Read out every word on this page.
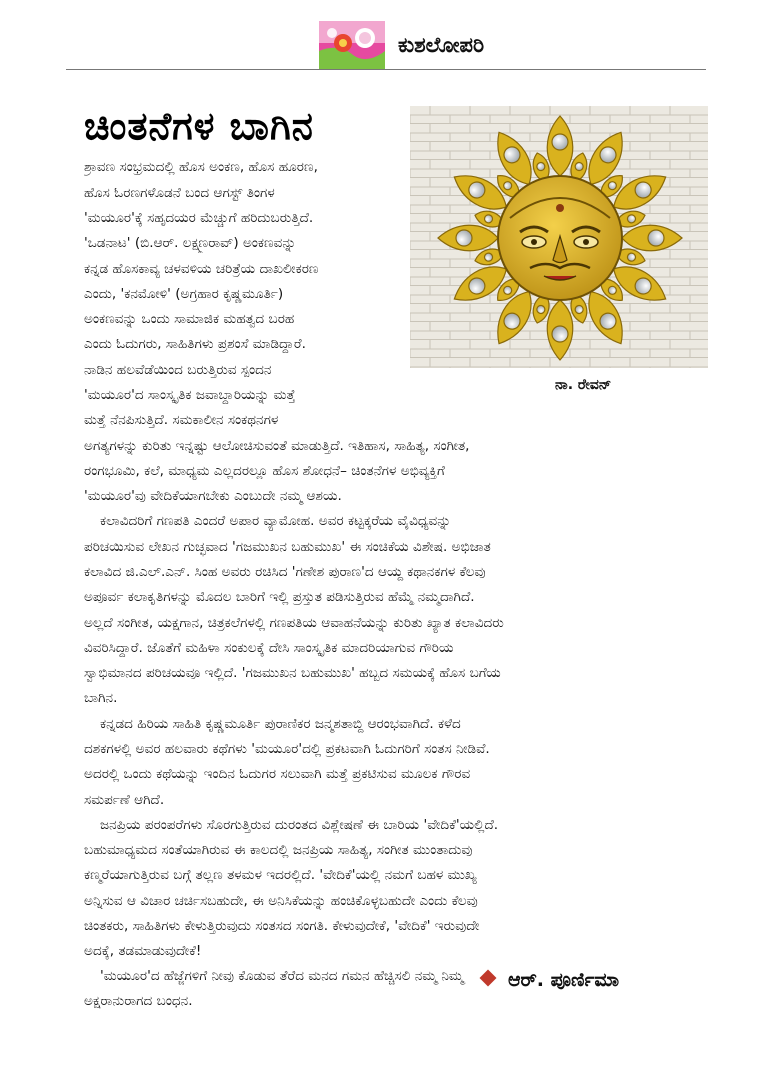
ಕುಶಲೋಪರಿ
ಚಿಂತನೆಗಳ ಬಾಗಿನ
ನಾ. ರೇವನ್
ಶ್ರಾವಣ ಸಂಭ್ರಮದಲ್ಲಿ ಹೊಸ ಅಂಕಣ, ಹೊಸ ಹೂರಣ,
ಹೊಸ ಓರಣಗಳೊಡನೆ ಬಂದ ಆಗಸ್ಟ್ ತಿಂಗಳ
'ಮಯೂರ'ಕ್ಕೆ ಸಹೃದಯರ ಮೆಚ್ಚುಗೆ ಹರಿದುಬರುತ್ತಿದೆ.
'ಒಡನಾಟ' (ಬಿ.ಆರ್. ಲಕ್ಷ್ಮಣರಾವ್) ಅಂಕಣವನ್ನು
ಕನ್ನಡ ಹೊಸಕಾವ್ಯ ಚಳವಳಿಯ ಚರಿತ್ರೆಯ ದಾಖಲೀಕರಣ
ಎಂದು, 'ಕನಮೋಳಿ' (ಅಗ್ರಹಾರ ಕೃಷ್ಣಮೂರ್ತಿ)
ಅಂಕಣವನ್ನು ಒಂದು ಸಾಮಾಜಿಕ ಮಹತ್ವದ ಬರಹ
ಎಂದು ಓದುಗರು, ಸಾಹಿತಿಗಳು ಪ್ರಶಂಸೆ ಮಾಡಿದ್ದಾರೆ.
ನಾಡಿನ ಹಲವೆಡೆಯಿಂದ ಬರುತ್ತಿರುವ ಸ್ಪಂದನ
'ಮಯೂರ'ದ ಸಾಂಸ್ಕೃತಿಕ ಜವಾಬ್ದಾರಿಯನ್ನು ಮತ್ತೆ
ಮತ್ತೆ ನೆನಪಿಸುತ್ತಿದೆ. ಸಮಕಾಲೀನ ಸಂಕಥನಗಳ
ಅಗತ್ಯಗಳನ್ನು ಕುರಿತು ಇನ್ನಷ್ಟು ಆಲೋಚಿಸುವಂತೆ ಮಾಡುತ್ತಿದೆ. ಇತಿಹಾಸ, ಸಾಹಿತ್ಯ, ಸಂಗೀತ,
ರಂಗಭೂಮಿ, ಕಲೆ, ಮಾಧ್ಯಮ ಎಲ್ಲದರಲ್ಲೂ ಹೊಸ ಶೋಧನೆ– ಚಿಂತನೆಗಳ ಅಭಿವ್ಯಕ್ತಿಗೆ
'ಮಯೂರ'ವು ವೇದಿಕೆಯಾಗಬೇಕು ಎಂಬುದೇ ನಮ್ಮ ಆಶಯ.
ಕಲಾವಿದರಿಗೆ ಗಣಪತಿ ಎಂದರೆ ಅಪಾರ ವ್ಯಾಮೋಹ. ಅವರ ಕಟ್ಟಕ್ಕರೆಯ ವೈವಿಧ್ಯವನ್ನು
ಪರಿಚಯಿಸುವ ಲೇಖನ ಗುಚ್ಛವಾದ 'ಗಜಮುಖನ ಬಹುಮುಖ' ಈ ಸಂಚಿಕೆಯ ವಿಶೇಷ. ಅಭಿಜಾತ
ಕಲಾವಿದ ಜಿ.ಎಲ್.ಎನ್. ಸಿಂಹ ಅವರು ರಚಿಸಿದ 'ಗಣೇಶ ಪುರಾಣ'ದ ಆಯ್ದ ಕಥಾನಕಗಳ ಕೆಲವು
ಅಪೂರ್ವ ಕಲಾಕೃತಿಗಳನ್ನು ಮೊದಲ ಬಾರಿಗೆ ಇಲ್ಲಿ ಪ್ರಸ್ತುತ ಪಡಿಸುತ್ತಿರುವ ಹೆಮ್ಮೆ ನಮ್ಮದಾಗಿದೆ.
ಅಲ್ಲದೆ ಸಂಗೀತ, ಯಕ್ಷಗಾನ, ಚಿತ್ರಕಲೆಗಳಲ್ಲಿ ಗಣಪತಿಯ ಆವಾಹನೆಯನ್ನು ಕುರಿತು ಖ್ಯಾತ ಕಲಾವಿದರು
ವಿವರಿಸಿದ್ದಾರೆ. ಜೊತೆಗೆ ಮಹಿಳಾ ಸಂಕುಲಕ್ಕೆ ದೇಸಿ ಸಾಂಸ್ಕೃತಿಕ ಮಾದರಿಯಾಗುವ ಗೌರಿಯ
ಸ್ವಾಭಿಮಾನದ ಪರಿಚಯವೂ ಇಲ್ಲಿದೆ. 'ಗಜಮುಖನ ಬಹುಮುಖ' ಹಬ್ಬದ ಸಮಯಕ್ಕೆ ಹೊಸ ಬಗೆಯ
ಬಾಗಿನ.
ಕನ್ನಡದ ಹಿರಿಯ ಸಾಹಿತಿ ಕೃಷ್ಣಮೂರ್ತಿ ಪುರಾಣಿಕರ ಜನ್ಮಶತಾಬ್ದಿ ಆರಂಭವಾಗಿದೆ. ಕಳೆದ
ದಶಕಗಳಲ್ಲಿ ಅವರ ಹಲವಾರು ಕಥೆಗಳು 'ಮಯೂರ'ದಲ್ಲಿ ಪ್ರಕಟವಾಗಿ ಓದುಗರಿಗೆ ಸಂತಸ ನೀಡಿವೆ.
ಅದರಲ್ಲಿ ಒಂದು ಕಥೆಯನ್ನು ಇಂದಿನ ಓದುಗರ ಸಲುವಾಗಿ ಮತ್ತೆ ಪ್ರಕಟಿಸುವ ಮೂಲಕ ಗೌರವ
ಸಮರ್ಪಣೆ ಆಗಿದೆ.
ಜನಪ್ರಿಯ ಪರಂಪರೆಗಳು ಸೊರಗುತ್ತಿರುವ ದುರಂತದ ವಿಶ್ಲೇಷಣೆ ಈ ಬಾರಿಯ 'ವೇದಿಕೆ'ಯಲ್ಲಿದೆ.
ಬಹುಮಾಧ್ಯಮದ ಸಂತೆಯಾಗಿರುವ ಈ ಕಾಲದಲ್ಲಿ ಜನಪ್ರಿಯ ಸಾಹಿತ್ಯ, ಸಂಗೀತ ಮುಂತಾದುವು
ಕಣ್ಮರೆಯಾಗುತ್ತಿರುವ ಬಗ್ಗೆ ತಲ್ಲಣ ತಳಮಳ ಇದರಲ್ಲಿದೆ. 'ವೇದಿಕೆ'ಯಲ್ಲಿ ನಮಗೆ ಬಹಳ ಮುಖ್ಯ
ಅನ್ನಿಸುವ ಆ ವಿಚಾರ ಚರ್ಚಿಸಬಹುದೇ, ಈ ಅನಿಸಿಕೆಯನ್ನು ಹಂಚಿಕೊಳ್ಳಬಹುದೇ ಎಂದು ಕೆಲವು
ಚಿಂತಕರು, ಸಾಹಿತಿಗಳು ಕೇಳುತ್ತಿರುವುದು ಸಂತಸದ ಸಂಗತಿ. ಕೇಳುವುದೇಕೆ, 'ವೇದಿಕೆ' ಇರುವುದೇ
ಅದಕ್ಕೆ, ತಡಮಾಡುವುದೇಕೆ!
'ಮಯೂರ'ದ ಹೆಜ್ಜೆಗಳಿಗೆ ನೀವು ಕೊಡುವ ತೆರೆದ ಮನದ ಗಮನ ಹೆಚ್ಚಿಸಲಿ ನಮ್ಮ ನಿಮ್ಮ
ಅಕ್ಷರಾನುರಾಗದ ಬಂಧನ.
ಆರ್. ಪೂರ್ಣಿಮಾ
